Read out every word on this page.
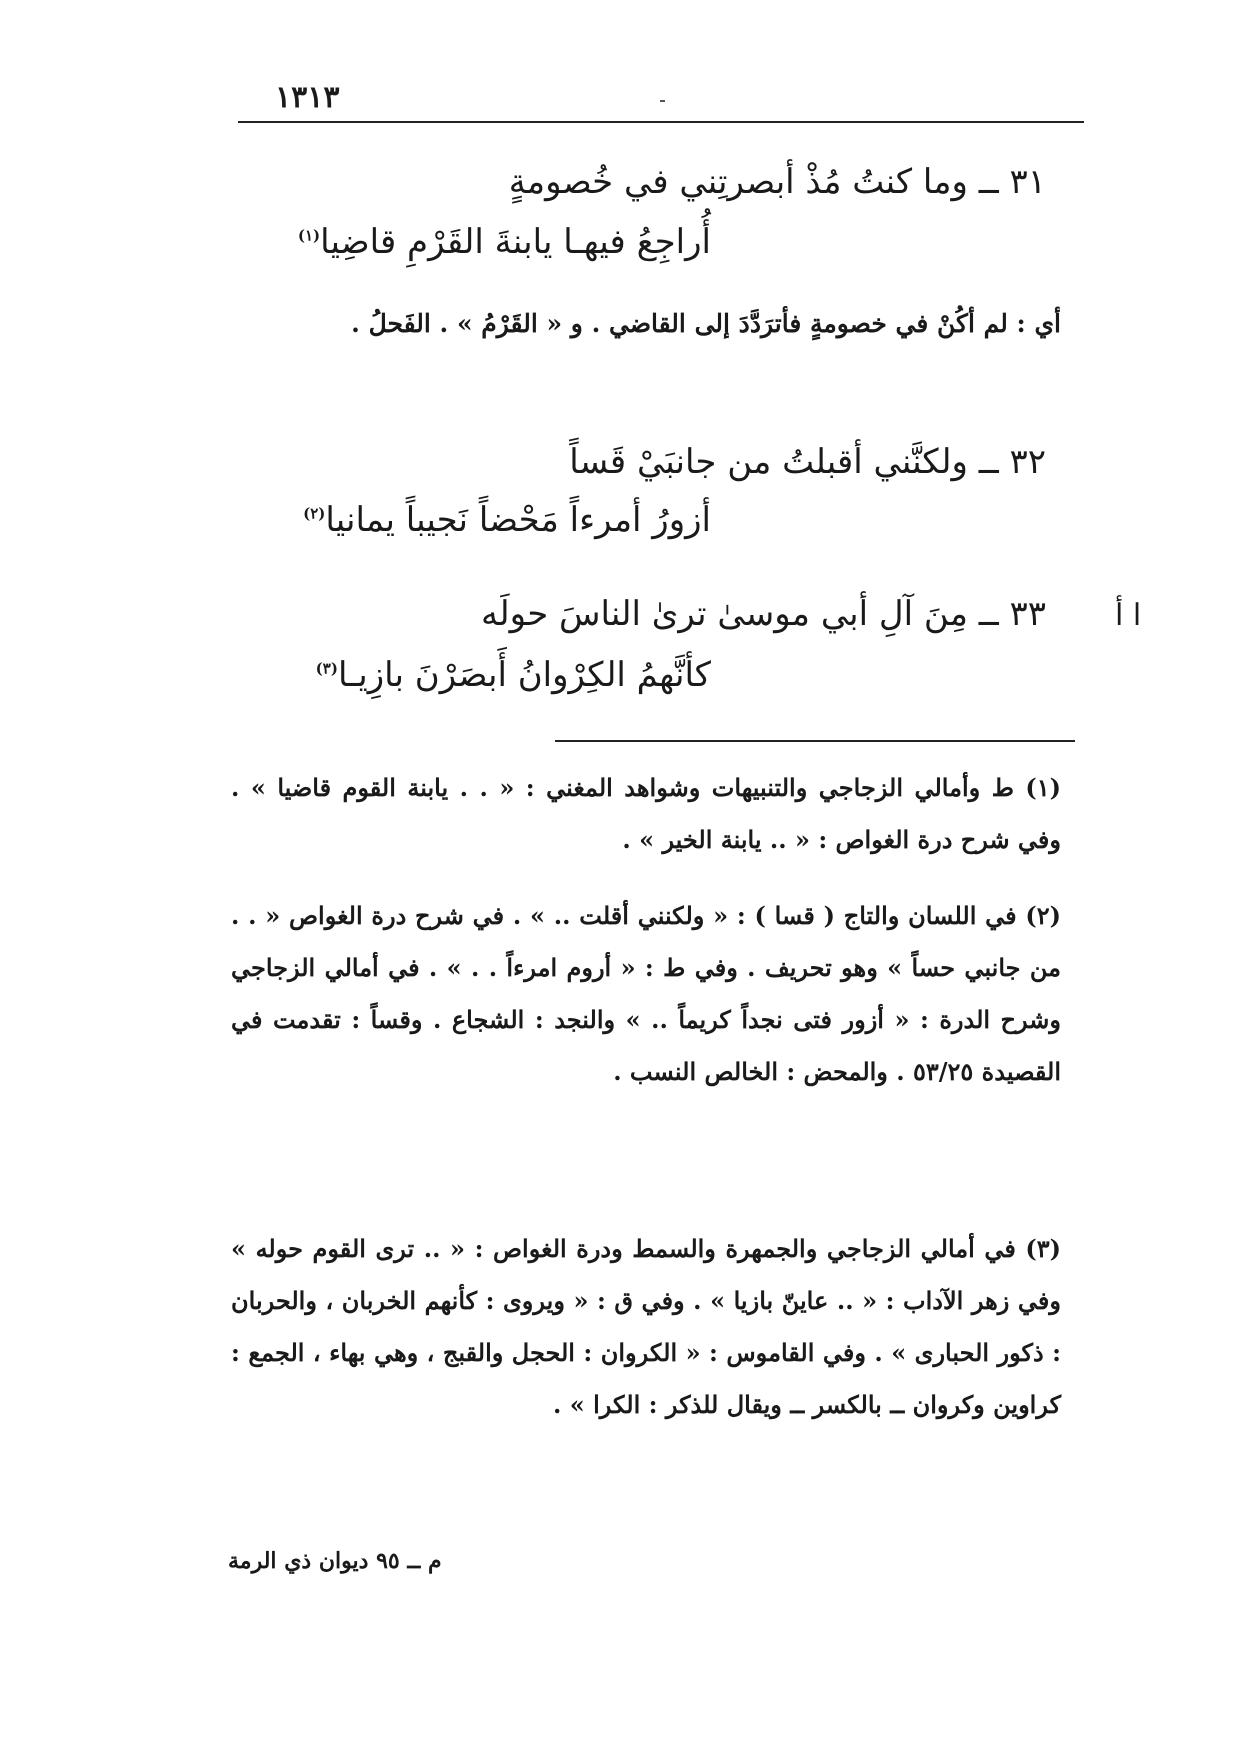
١٣١٣
٣١ ــ وما كنتُ مُذْ أبصرتِني في خُصومةٍ
أُراجِعُ فيهـا يابنةَ القَرْمِ قاضِيا$^{(١)}$
أي : لم أكُنْ في خصومةٍ فأترَدَّدَ إلى القاضي . و « القَرْمُ » . الفَحلُ .
٣٢ ــ ولكنَّني أقبلتُ من جانبَيْ قَساً
أزورُ أمرءاً مَحْضاً نَجيباً يمانيا$^{(٢)}$
٣٣ ــ مِنَ آلِ أبي موسىٰ ترىٰ الناسَ حولَه ا أ
كأنَّهمُ الكِرْوانُ أَبصَرْنَ بازِيـا$^{(٣)}$
(١) ط وأمالي الزجاجي والتنبيهات وشواهد المغني : « . . يابنة القوم قاضيا » . وفي شرح درة الغواص : « .. يابنة الخير » .
(٢) في اللسان والتاج ( قسا ) : « ولكنني أقلت .. » . في شرح درة الغواص « . . من جانبي حساً » وهو تحريف . وفي ط : « أروم امرءاً . . » . في أمالي الزجاجي وشرح الدرة : « أزور فتى نجداً كريماً .. » والنجد : الشجاع . وقساً : تقدمت في القصيدة ٥٣/٢٥ . والمحض : الخالص النسب .
(٣) في أمالي الزجاجي والجمهرة والسمط ودرة الغواص : « .. ترى القوم حوله » وفي زهر الآداب : « .. عاينّ بازيا » . وفي ق : « ويروى : كأنهم الخربان ، والحربان : ذكور الحبارى » . وفي القاموس : « الكروان : الحجل والقبج ، وهي بهاء ، الجمع : كراوين وكروان ــ بالكسر ــ ويقال للذكر : الكرا » .
م ــ ٩٥ ديوان ذي الرمة
